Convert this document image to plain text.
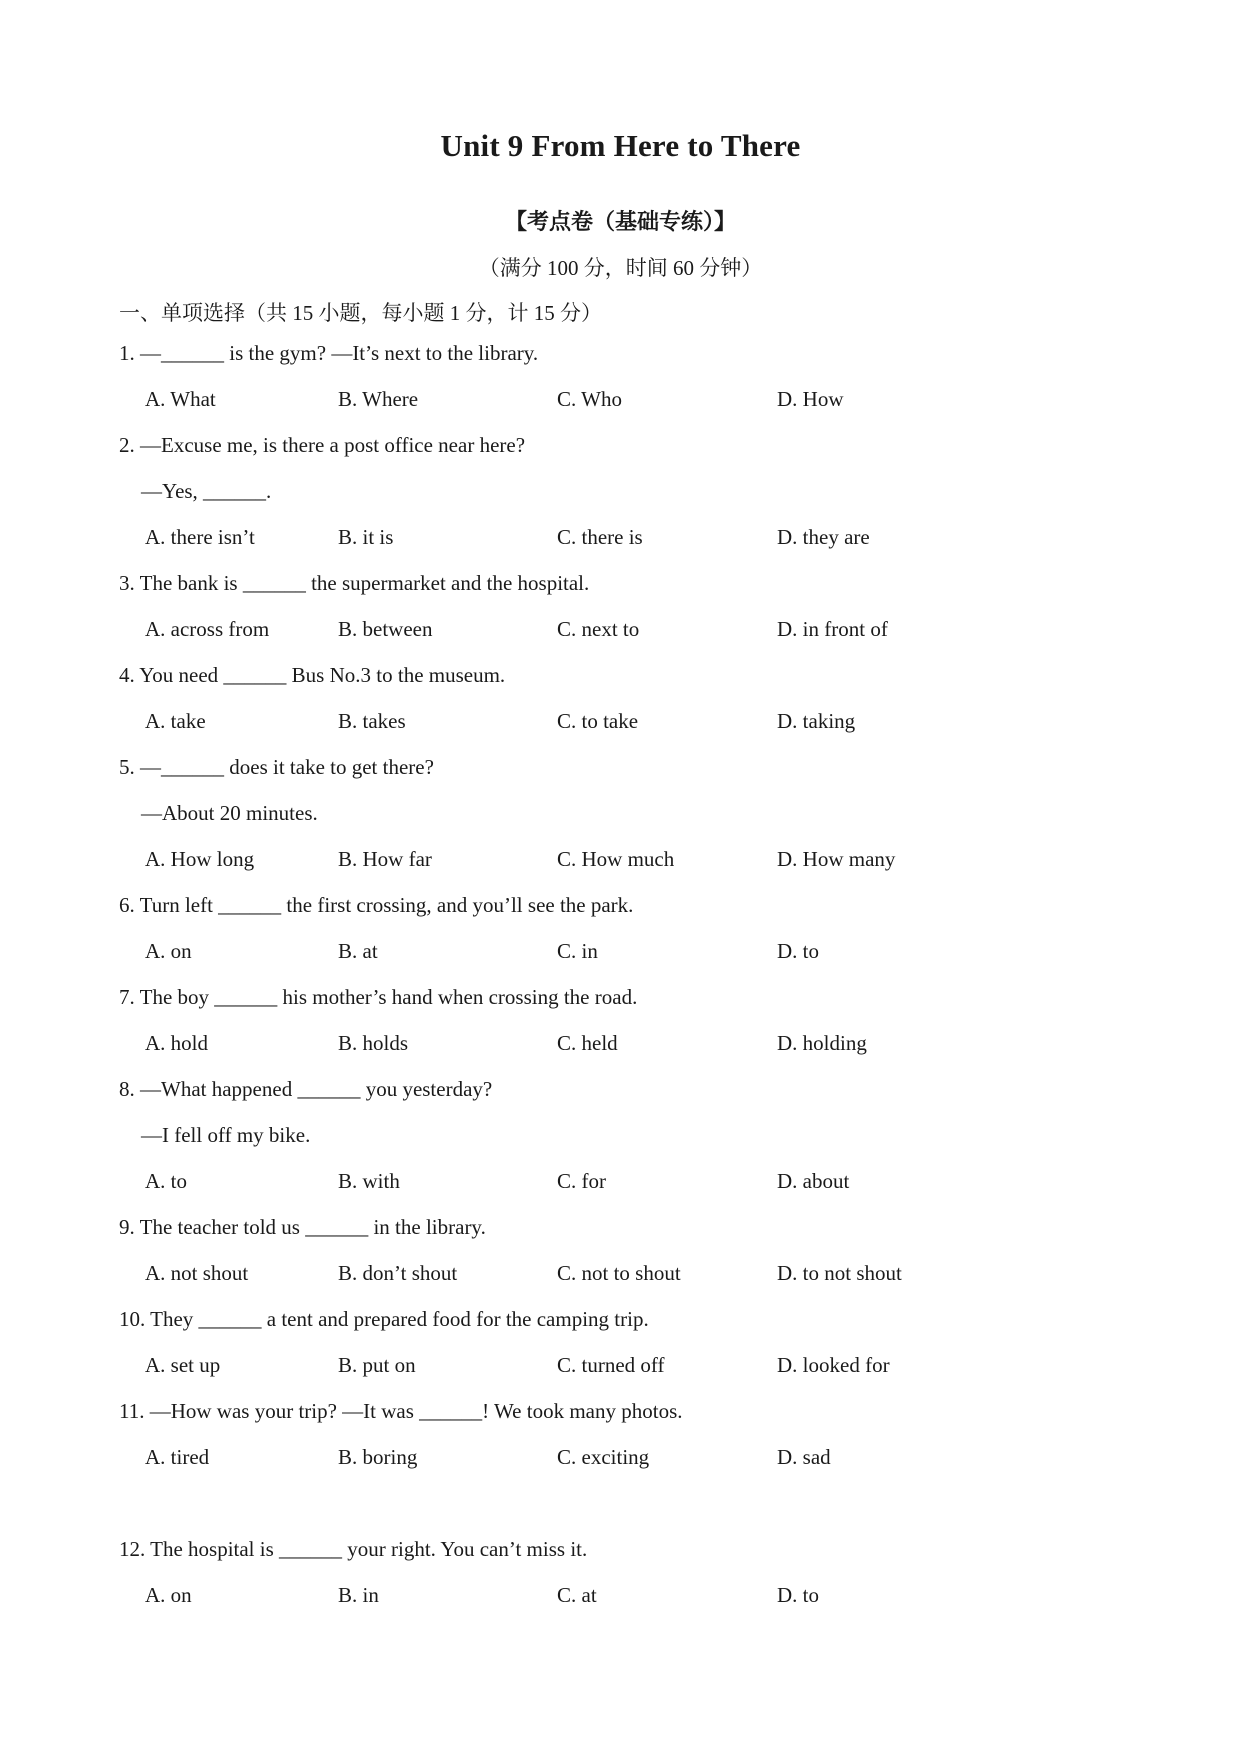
Unit 9 From Here to There
【考点卷（基础专练）】
（满分 100 分，时间 60 分钟）
一、单项选择（共 15 小题，每小题 1 分，计 15 分）
1. —______ is the gym? —It’s next to the library.
A. What	B. Where	C. Who	D. How
2. —Excuse me, is there a post office near here?
—Yes, ______.
A. there isn’t	B. it is	C. there is	D. they are
3. The bank is ______ the supermarket and the hospital.
A. across from	B. between	C. next to	D. in front of
4. You need ______ Bus No.3 to the museum.
A. take	B. takes	C. to take	D. taking
5. —______ does it take to get there?
—About 20 minutes.
A. How long	B. How far	C. How much	D. How many
6. Turn left ______ the first crossing, and you’ll see the park.
A. on	B. at	C. in	D. to
7. The boy ______ his mother’s hand when crossing the road.
A. hold	B. holds	C. held	D. holding
8. —What happened ______ you yesterday?
—I fell off my bike.
A. to	B. with	C. for	D. about
9. The teacher told us ______ in the library.
A. not shout	B. don’t shout	C. not to shout	D. to not shout
10. They ______ a tent and prepared food for the camping trip.
A. set up	B. put on	C. turned off	D. looked for
11. —How was your trip? —It was ______! We took many photos.
A. tired	B. boring	C. exciting	D. sad
12. The hospital is ______ your right. You can’t miss it.
A. on	B. in	C. at	D. to
